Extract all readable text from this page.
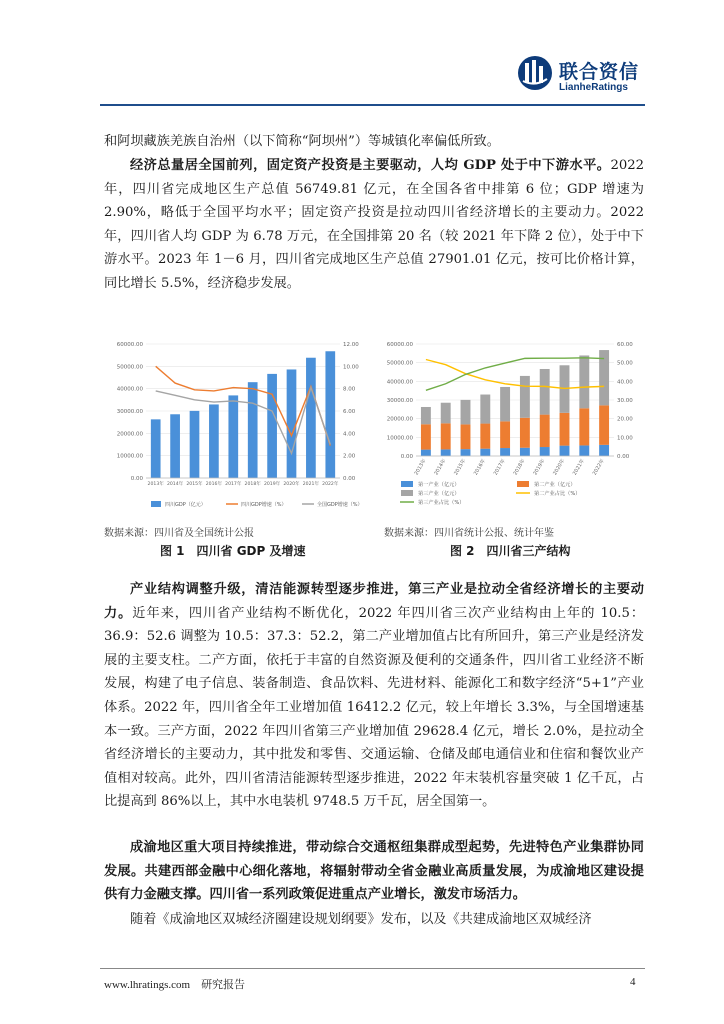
联合资信
LianheRatings

和阿坝藏族羌族自治州（以下简称“阿坝州”）等城镇化率偏低所致。

经济总量居全国前列，固定资产投资是主要驱动，人均 GDP 处于中下游水平。2022 年，四川省完成地区生产总值 56749.81 亿元，在全国各省中排第 6 位；GDP 增速为 2.90%，略低于全国平均水平；固定资产投资是拉动四川省经济增长的主要动力。2022 年，四川省人均 GDP 为 6.78 万元，在全国排第 20 名（较 2021 年下降 2 位），处于中下游水平。2023 年 1－6 月，四川省完成地区生产总值 27901.01 亿元，按可比价格计算，同比增长 5.5%，经济稳步发展。

0.00
10000.00
20000.00
30000.00
40000.00
50000.00
60000.00
0.00
2.00
4.00
6.00
8.00
10.00
12.00
2013年 2014年 2015年 2016年 2017年 2018年 2019年 2020年 2021年 2022年
四川GDP（亿元）	四川GDP增速（%）	全国GDP增速（%）
数据来源：四川省及全国统计公报
图 1　四川省 GDP 及增速
0.00
10000.00
20000.00
30000.00
40000.00
50000.00
60000.00
0.00
10.00
20.00
30.00
40.00
50.00
60.00
2013年 2014年 2015年 2016年 2017年 2018年 2019年 2020年 2021年 2022年
第一产业（亿元）	第二产业（亿元）
第三产业（亿元）	第二产业占比（%）
第三产业占比（%）
数据来源：四川省统计公报、统计年鉴
图 2　四川省三产结构

产业结构调整升级，清洁能源转型逐步推进，第三产业是拉动全省经济增长的主要动力。近年来，四川省产业结构不断优化，2022 年四川省三次产业结构由上年的 10.5：36.9：52.6 调整为 10.5：37.3：52.2，第二产业增加值占比有所回升，第三产业是经济发展的主要支柱。二产方面，依托于丰富的自然资源及便利的交通条件，四川省工业经济不断发展，构建了电子信息、装备制造、食品饮料、先进材料、能源化工和数字经济“5+1”产业体系。2022 年，四川省全年工业增加值 16412.2 亿元，较上年增长 3.3%，与全国增速基本一致。三产方面，2022 年四川省第三产业增加值 29628.4 亿元，增长 2.0%，是拉动全省经济增长的主要动力，其中批发和零售、交通运输、仓储及邮电通信业和住宿和餐饮业产值相对较高。此外，四川省清洁能源转型逐步推进，2022 年末装机容量突破 1 亿千瓦，占比提高到 86%以上，其中水电装机 9748.5 万千瓦，居全国第一。

成渝地区重大项目持续推进，带动综合交通枢纽集群成型起势，先进特色产业集群协同发展。共建西部金融中心细化落地，将辐射带动全省金融业高质量发展，为成渝地区建设提供有力金融支撑。四川省一系列政策促进重点产业增长，激发市场活力。

随着《成渝地区双城经济圈建设规划纲要》发布，以及《共建成渝地区双城经济

www.lhratings.com　 研究报告	4
